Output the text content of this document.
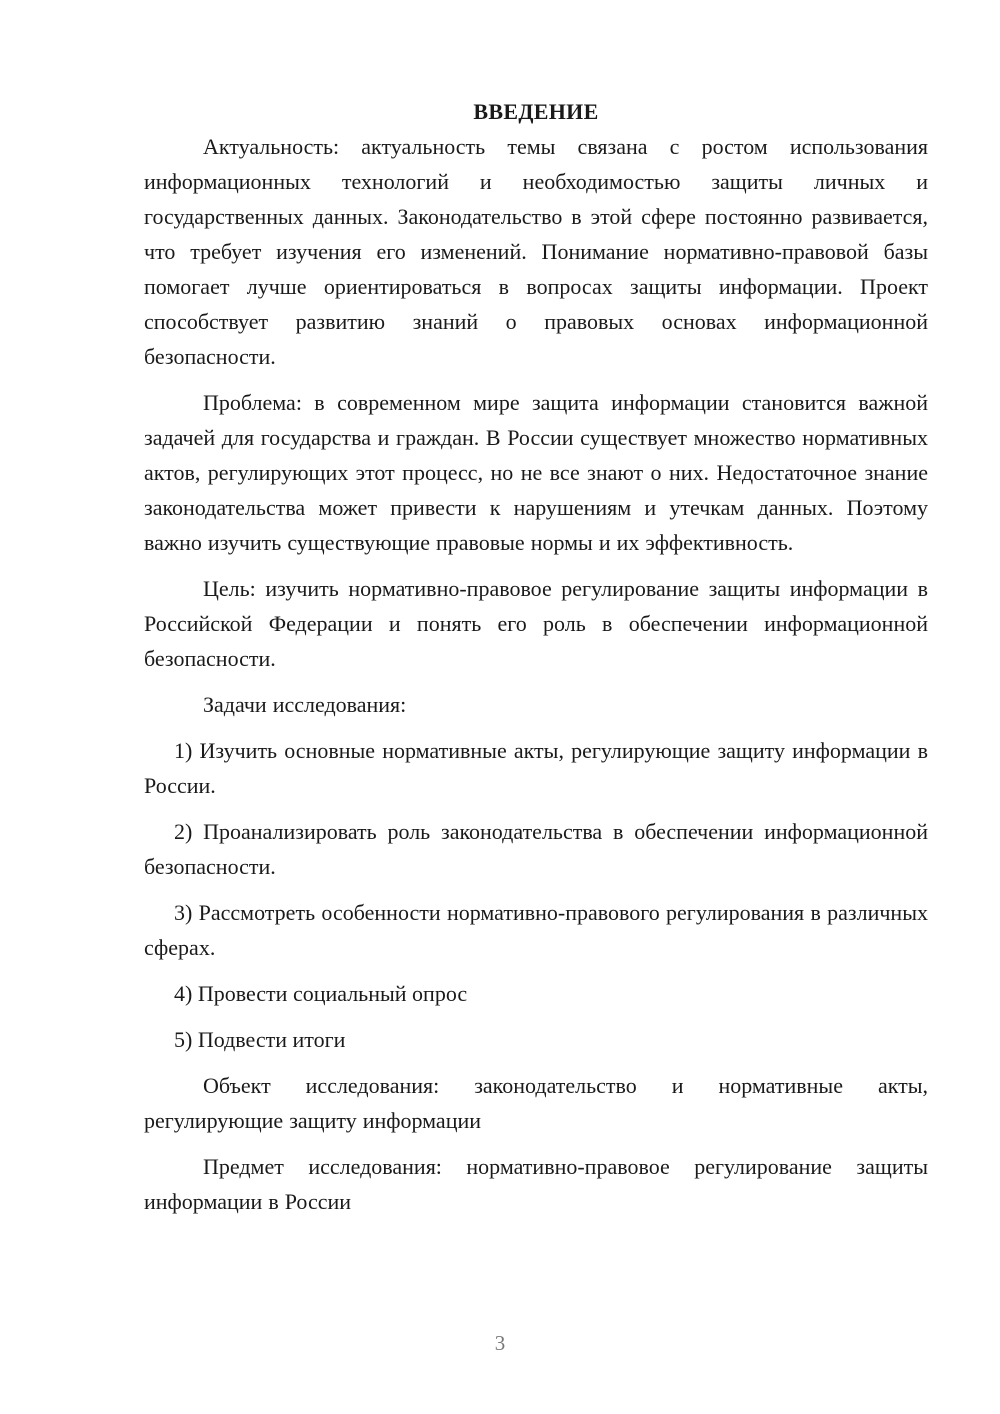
ВВЕДЕНИЕ

Актуальность: актуальность темы связана с ростом использования информационных технологий и необходимостью защиты личных и государственных данных. Законодательство в этой сфере постоянно развивается, что требует изучения его изменений. Понимание нормативно-правовой базы помогает лучше ориентироваться в вопросах защиты информации. Проект способствует развитию знаний о правовых основах информационной безопасности.

Проблема: в современном мире защита информации становится важной задачей для государства и граждан. В России существует множество нормативных актов, регулирующих этот процесс, но не все знают о них. Недостаточное знание законодательства может привести к нарушениям и утечкам данных. Поэтому важно изучить существующие правовые нормы и их эффективность.

Цель: изучить нормативно-правовое регулирование защиты информации в Российской Федерации и понять его роль в обеспечении информационной безопасности.

Задачи исследования:

1) Изучить основные нормативные акты, регулирующие защиту информации в России.

2) Проанализировать роль законодательства в обеспечении информационной безопасности.

3) Рассмотреть особенности нормативно-правового регулирования в различных сферах.

4) Провести социальный опрос

5) Подвести итоги

Объект исследования: законодательство и нормативные акты, регулирующие защиту информации

Предмет исследования: нормативно-правовое регулирование защиты информации в России

3
